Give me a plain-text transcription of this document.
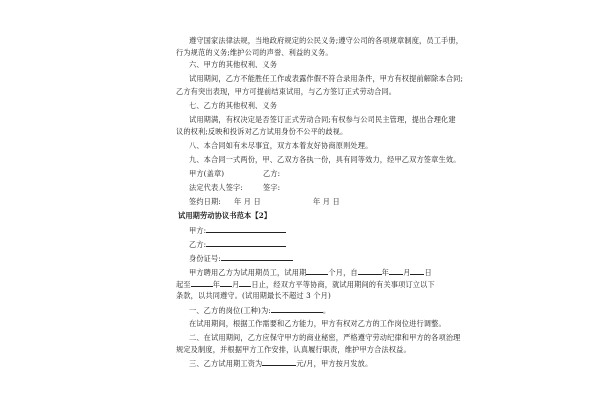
遵守国家法律法规，当地政府规定的公民义务;遵守公司的各项规章制度，员工手册，
行为规范的义务;维护公司的声誉、利益的义务。
六、甲方的其他权利、义务
试用期间，乙方不能胜任工作或表露作假不符合录用条件，甲方有权提前解除本合同;
乙方有突出表现，甲方可提前结束试用，与乙方签订正式劳动合同。
七、乙方的其他权利、义务
试用期满，有权决定是否签订正式劳动合同;有权参与公司民主管理，提出合理化建
议的权利;反映和投诉对乙方试用身份不公平的歧视。
八、本合同如有未尽事宜，双方本着友好协商原则处理。
九、本合同一式两份，甲、乙双方各执一份，具有同等效力，经甲乙双方签章生效。
甲方(盖章)	乙方:
法定代表人签字:	签字:
签约日期: 年 月 日	年 月 日
试用期劳动协议书范本【2】
甲方:
乙方:
身份证号:
甲方聘用乙方为试用期员工，试用期	个月，自	年 月 日
起至	年 月 日止，经双方平等协商，就试用期间的有关事项订立以下
条款，以共同遵守。(试用期最长不超过 3 个月)
一、乙方的岗位(工种)为:	。
在试用期间，根据工作需要和乙方能力，甲方有权对乙方的工作岗位进行调整。
二、在试用期间，乙方应保守甲方的商业秘密，严格遵守劳动纪律和甲方的各项治理
规定及制度，并根据甲方工作安排，认真履行职责，维护甲方合法权益。
三、乙方试用期工资为	元/月，甲方按月发放。
